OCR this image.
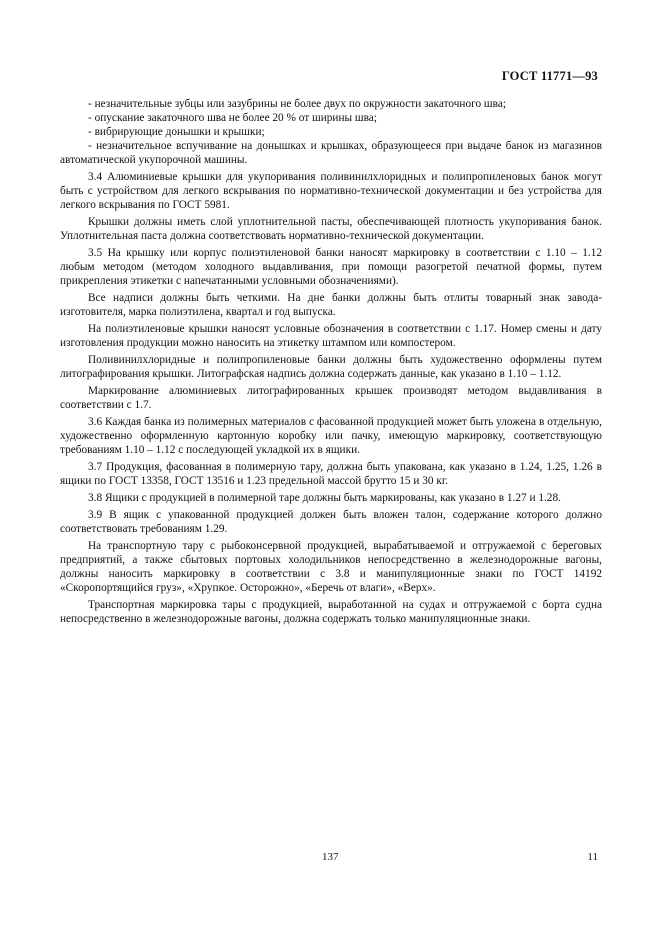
ГОСТ 11771—93

- незначительные зубцы или зазубрины не более двух по окружности закаточного шва;

- опускание закаточного шва не более 20 % от ширины шва;

- вибрирующие донышки и крышки;

- незначительное вспучивание на донышках и крышках, образующееся при выдаче банок из магазинов автоматической укупорочной машины.

3.4 Алюминиевые крышки для укупоривания поливинилхлоридных и полипропиленовых банок могут быть с устройством для легкого вскрывания по нормативно-технической документации и без устройства для легкого вскрывания по ГОСТ 5981.

Крышки должны иметь слой уплотнительной пасты, обеспечивающей плотность укупоривания банок. Уплотнительная паста должна соответствовать нормативно-технической документации.

3.5 На крышку или корпус полиэтиленовой банки наносят маркировку в соответствии с 1.10 – 1.12 любым методом (методом холодного выдавливания, при помощи разогретой печатной формы, путем прикрепления этикетки с напечатанными условными обозначениями).

Все надписи должны быть четкими. На дне банки должны быть отлиты товарный знак завода-изготовителя, марка полиэтилена, квартал и год выпуска.

На полиэтиленовые крышки наносят условные обозначения в соответствии с 1.17. Номер смены и дату изготовления продукции можно наносить на этикетку штампом или компостером.

Поливинилхлоридные и полипропиленовые банки должны быть художественно оформлены путем литографирования крышки. Литографская надпись должна содержать данные, как указано в 1.10 – 1.12.

Маркирование алюминиевых литографированных крышек производят методом выдавливания в соответствии с 1.7.

3.6 Каждая банка из полимерных материалов с фасованной продукцией может быть уложена в отдельную, художественно оформленную картонную коробку или пачку, имеющую маркировку, соответствующую требованиям 1.10 – 1.12 с последующей укладкой их в ящики.

3.7 Продукция, фасованная в полимерную тару, должна быть упакована, как указано в 1.24, 1.25, 1.26 в ящики по ГОСТ 13358, ГОСТ 13516 и 1.23 предельной массой брутто 15 и 30 кг.

3.8 Ящики с продукцией в полимерной таре должны быть маркированы, как указано в 1.27 и 1.28.

3.9 В ящик с упакованной продукцией должен быть вложен талон, содержание которого должно соответствовать требованиям 1.29.

На транспортную тару с рыбоконсервной продукцией, вырабатываемой и отгружаемой с береговых предприятий, а также сбытовых портовых холодильников непосредственно в железнодорожные вагоны, должны наносить маркировку в соответствии с 3.8 и манипуляционные знаки по ГОСТ 14192 «Скоропортящийся груз», «Хрупкое. Осторожно», «Беречь от влаги», «Верх».

Транспортная маркировка тары с продукцией, выработанной на судах и отгружаемой с борта судна непосредственно в железнодорожные вагоны, должна содержать только манипуляционные знаки.

137	11
